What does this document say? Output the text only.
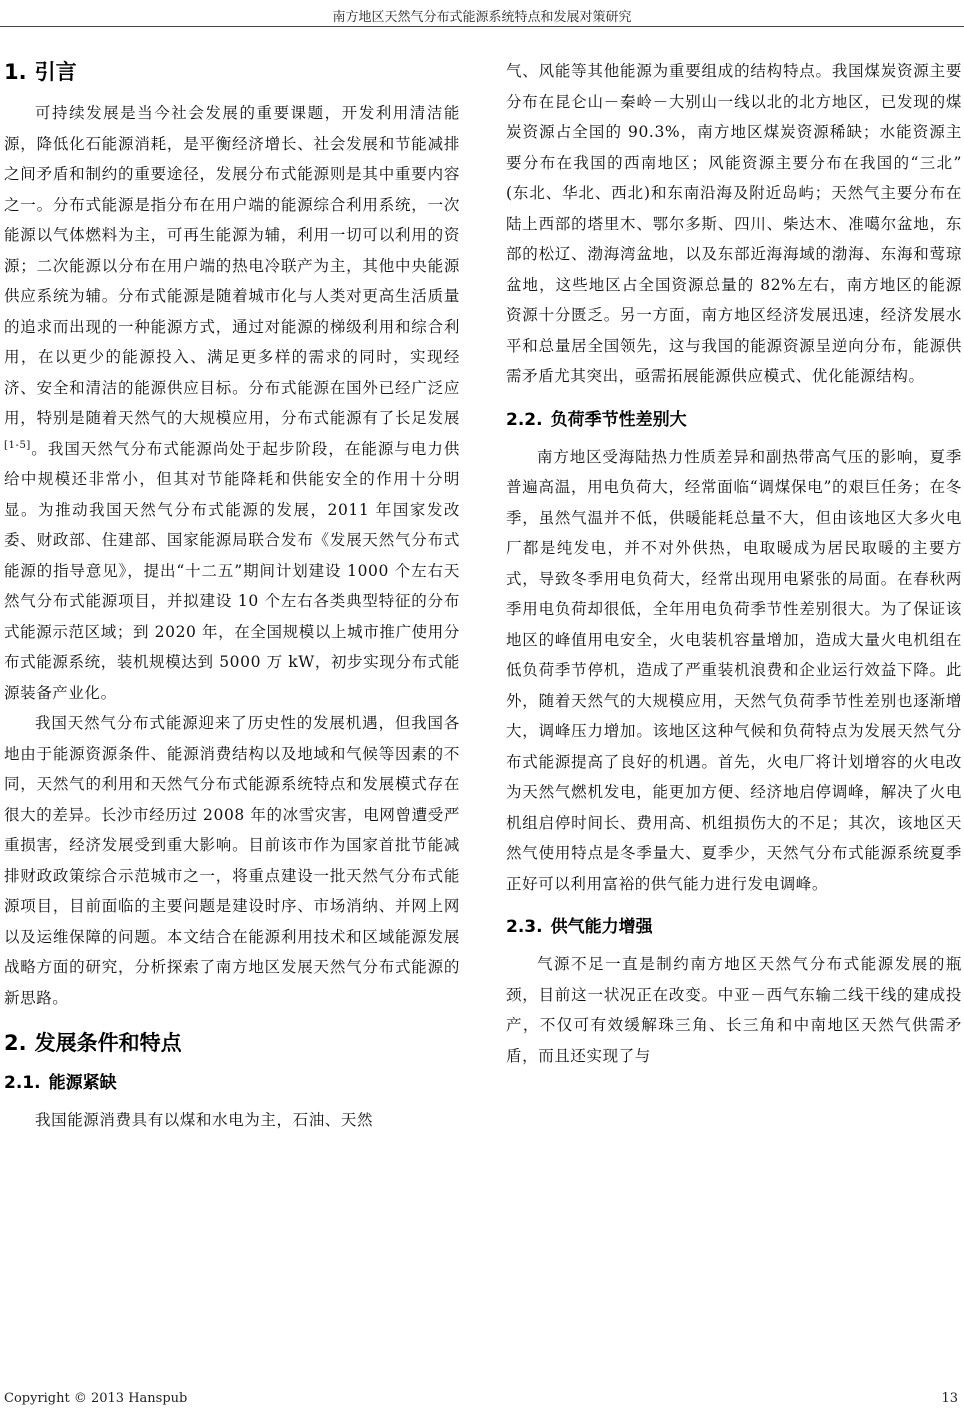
南方地区天然气分布式能源系统特点和发展对策研究
1. 引言

可持续发展是当今社会发展的重要课题，开发利用清洁能源，降低化石能源消耗，是平衡经济增长、社会发展和节能减排之间矛盾和制约的重要途径，发展分布式能源则是其中重要内容之一。分布式能源是指分布在用户端的能源综合利用系统，一次能源以气体燃料为主，可再生能源为辅，利用一切可以利用的资源；二次能源以分布在用户端的热电冷联产为主，其他中央能源供应系统为辅。分布式能源是随着城市化与人类对更高生活质量的追求而出现的一种能源方式，通过对能源的梯级利用和综合利用，在以更少的能源投入、满足更多样的需求的同时，实现经济、安全和清洁的能源供应目标。分布式能源在国外已经广泛应用，特别是随着天然气的大规模应用，分布式能源有了长足发展[1-5]。我国天然气分布式能源尚处于起步阶段，在能源与电力供给中规模还非常小，但其对节能降耗和供能安全的作用十分明显。为推动我国天然气分布式能源的发展，2011 年国家发改委、财政部、住建部、国家能源局联合发布《发展天然气分布式能源的指导意见》，提出“十二五”期间计划建设 1000 个左右天然气分布式能源项目，并拟建设 10 个左右各类典型特征的分布式能源示范区域；到 2020 年，在全国规模以上城市推广使用分布式能源系统，装机规模达到 5000 万 kW，初步实现分布式能源装备产业化。

我国天然气分布式能源迎来了历史性的发展机遇，但我国各地由于能源资源条件、能源消费结构以及地域和气候等因素的不同，天然气的利用和天然气分布式能源系统特点和发展模式存在很大的差异。长沙市经历过 2008 年的冰雪灾害，电网曾遭受严重损害，经济发展受到重大影响。目前该市作为国家首批节能减排财政政策综合示范城市之一，将重点建设一批天然气分布式能源项目，目前面临的主要问题是建设时序、市场消纳、并网上网以及运维保障的问题。本文结合在能源利用技术和区域能源发展战略方面的研究，分析探索了南方地区发展天然气分布式能源的新思路。

2. 发展条件和特点
2.1. 能源紧缺

我国能源消费具有以煤和水电为主，石油、天然

气、风能等其他能源为重要组成的结构特点。我国煤炭资源主要分布在昆仑山－秦岭－大别山一线以北的北方地区，已发现的煤炭资源占全国的 90.3%，南方地区煤炭资源稀缺；水能资源主要分布在我国的西南地区；风能资源主要分布在我国的“三北” (东北、华北、西北)和东南沿海及附近岛屿；天然气主要分布在陆上西部的塔里木、鄂尔多斯、四川、柴达木、准噶尔盆地，东部的松辽、渤海湾盆地，以及东部近海海域的渤海、东海和莺琼盆地，这些地区占全国资源总量的 82%左右，南方地区的能源资源十分匮乏。另一方面，南方地区经济发展迅速，经济发展水平和总量居全国领先，这与我国的能源资源呈逆向分布，能源供需矛盾尤其突出，亟需拓展能源供应模式、优化能源结构。

2.2. 负荷季节性差别大

南方地区受海陆热力性质差异和副热带高气压的影响，夏季普遍高温，用电负荷大，经常面临“调煤保电”的艰巨任务；在冬季，虽然气温并不低，供暖能耗总量不大，但由该地区大多火电厂都是纯发电，并不对外供热，电取暖成为居民取暖的主要方式，导致冬季用电负荷大，经常出现用电紧张的局面。在春秋两季用电负荷却很低，全年用电负荷季节性差别很大。为了保证该地区的峰值用电安全，火电装机容量增加，造成大量火电机组在低负荷季节停机，造成了严重装机浪费和企业运行效益下降。此外，随着天然气的大规模应用，天然气负荷季节性差别也逐渐增大，调峰压力增加。该地区这种气候和负荷特点为发展天然气分布式能源提高了良好的机遇。首先，火电厂将计划增容的火电改为天然气燃机发电，能更加方便、经济地启停调峰，解决了火电机组启停时间长、费用高、机组损伤大的不足；其次，该地区天然气使用特点是冬季量大、夏季少，天然气分布式能源系统夏季正好可以利用富裕的供气能力进行发电调峰。

2.3. 供气能力增强

气源不足一直是制约南方地区天然气分布式能源发展的瓶颈，目前这一状况正在改变。中亚－西气东输二线干线的建成投产，不仅可有效缓解珠三角、长三角和中南地区天然气供需矛盾，而且还实现了与

Copyright © 2013 Hanspub	13
